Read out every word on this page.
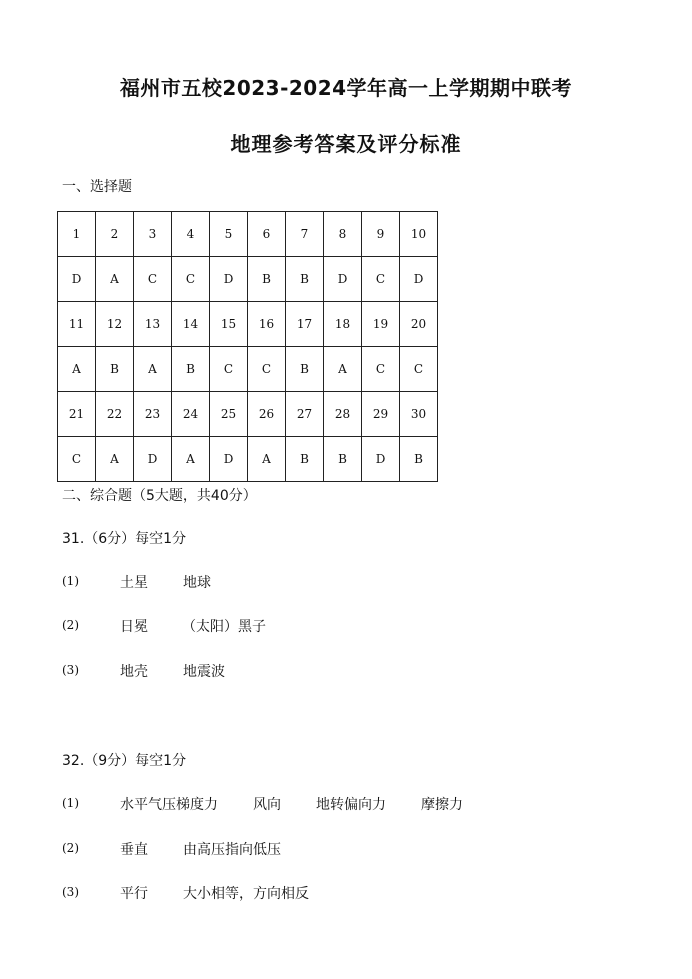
福州市五校2023-2024学年高一上学期期中联考
地理参考答案及评分标准
一、选择题
1	2	3	4	5	6	7	8	9	10
D	A	C	C	D	B	B	D	C	D
11	12	13	14	15	16	17	18	19	20
A	B	A	B	C	C	B	A	C	C
21	22	23	24	25	26	27	28	29	30
C	A	D	A	D	A	B	B	D	B
二、综合题（5大题，共40分）
31.（6分）每空1分
(1)	土星	地球
(2)	日冕 （太阳）黑子
(3)	地壳	地震波
32.（9分）每空1分
(1)	水平气压梯度力	风向	地转偏向力	摩擦力
(2)	垂直	由高压指向低压
(3)	平行	大小相等，方向相反
